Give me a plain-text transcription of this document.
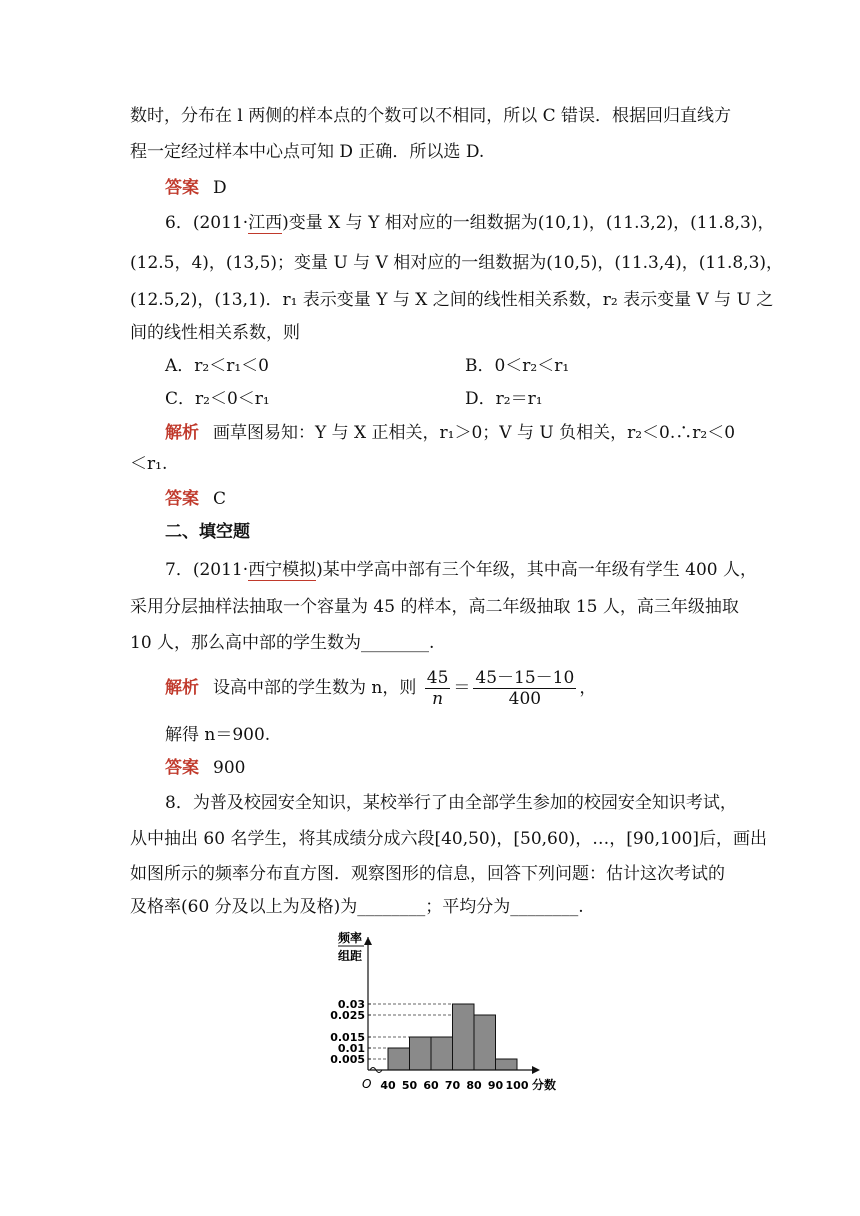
数时，分布在 l 两侧的样本点的个数可以不相同，所以 C 错误．根据回归直线方
程一定经过样本中心点可知 D 正确．所以选 D.
答案 D
6．(2011·江西)变量 X 与 Y 相对应的一组数据为(10,1)，(11.3,2)，(11.8,3)，
(12.5，4)，(13,5)；变量 U 与 V 相对应的一组数据为(10,5)，(11.3,4)，(11.8,3)，
(12.5,2)，(13,1)．r₁ 表示变量 Y 与 X 之间的线性相关系数，r₂ 表示变量 V 与 U 之
间的线性相关系数，则
A．r₂＜r₁＜0	B．0＜r₂＜r₁
C．r₂＜0＜r₁	D．r₂＝r₁
解析 画草图易知：Y 与 X 正相关，r₁＞0；V 与 U 负相关，r₂＜0.∴r₂＜0
＜r₁.
答案 C
二、填空题
7．(2011·西宁模拟)某中学高中部有三个年级，其中高一年级有学生 400 人，
采用分层抽样法抽取一个容量为 45 的样本，高二年级抽取 15 人，高三年级抽取
10 人，那么高中部的学生数为________.
解析 设高中部的学生数为 n，则 $\frac{45}{n} = \frac{45-15-10}{400}$ ，
解得 n＝900.
答案 900
8．为普及校园安全知识，某校举行了由全部学生参加的校园安全知识考试，
从中抽出 60 名学生，将其成绩分成六段[40,50)，[50,60)，…，[90,100]后，画出
如图所示的频率分布直方图．观察图形的信息，回答下列问题：估计这次考试的
及格率(60 分及以上为及格)为________；平均分为________.
0.03
0.025
0.015
0.01
0.005
40 50 60 70 80 90 100
频率
组距
分数
O
